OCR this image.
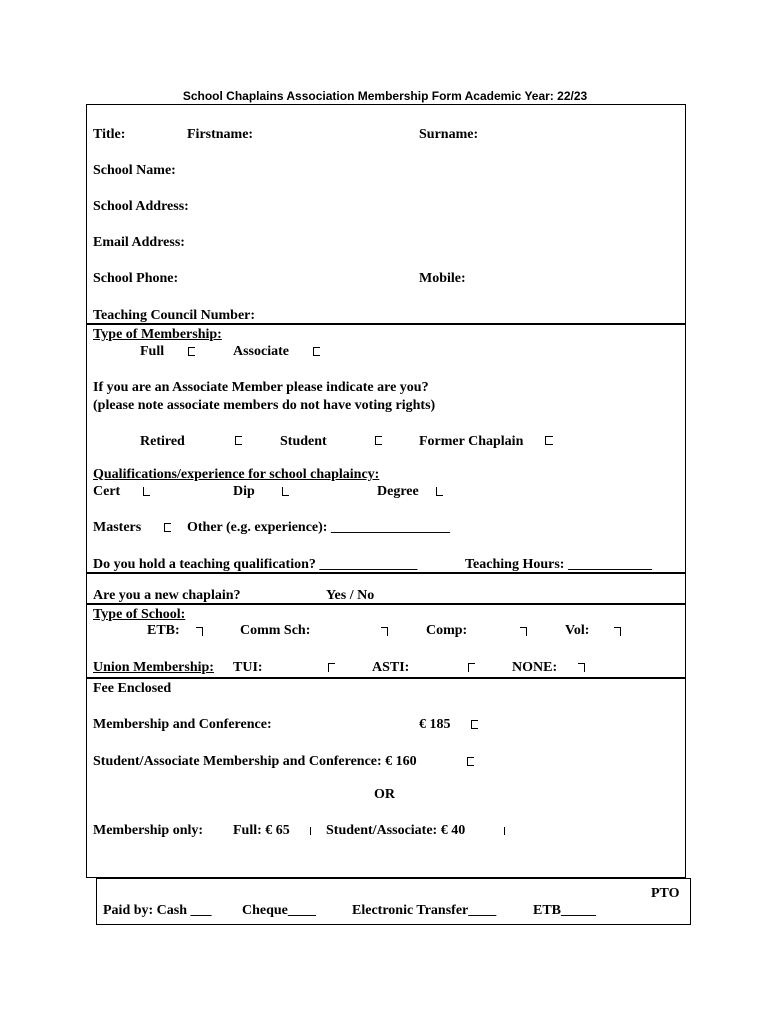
School Chaplains Association Membership Form Academic Year: 22/23
Title:	Firstname:	Surname:
School Name:
School Address:
Email Address:
School Phone:	Mobile:
Teaching Council Number:
Type of Membership:
Full	Associate
If you are an Associate Member please indicate are you?
(please note associate members do not have voting rights)
Retired	Student	Former Chaplain
Qualifications/experience for school chaplaincy:
Cert	Dip	Degree
Masters	Other (e.g. experience): _________________
Do you hold a teaching qualification? ______________	Teaching Hours: ____________
Are you a new chaplain?	Yes / No
Type of School:
ETB:	Comm Sch:	Comp:	Vol:
Union Membership: TUI:	ASTI:	NONE:
Fee Enclosed
Membership and Conference:	€ 185
Student/Associate Membership and Conference: € 160
OR
Membership only: Full: € 65	Student/Associate: € 40
PTO
Paid by: Cash ___ Cheque____	Electronic Transfer____	ETB_____
